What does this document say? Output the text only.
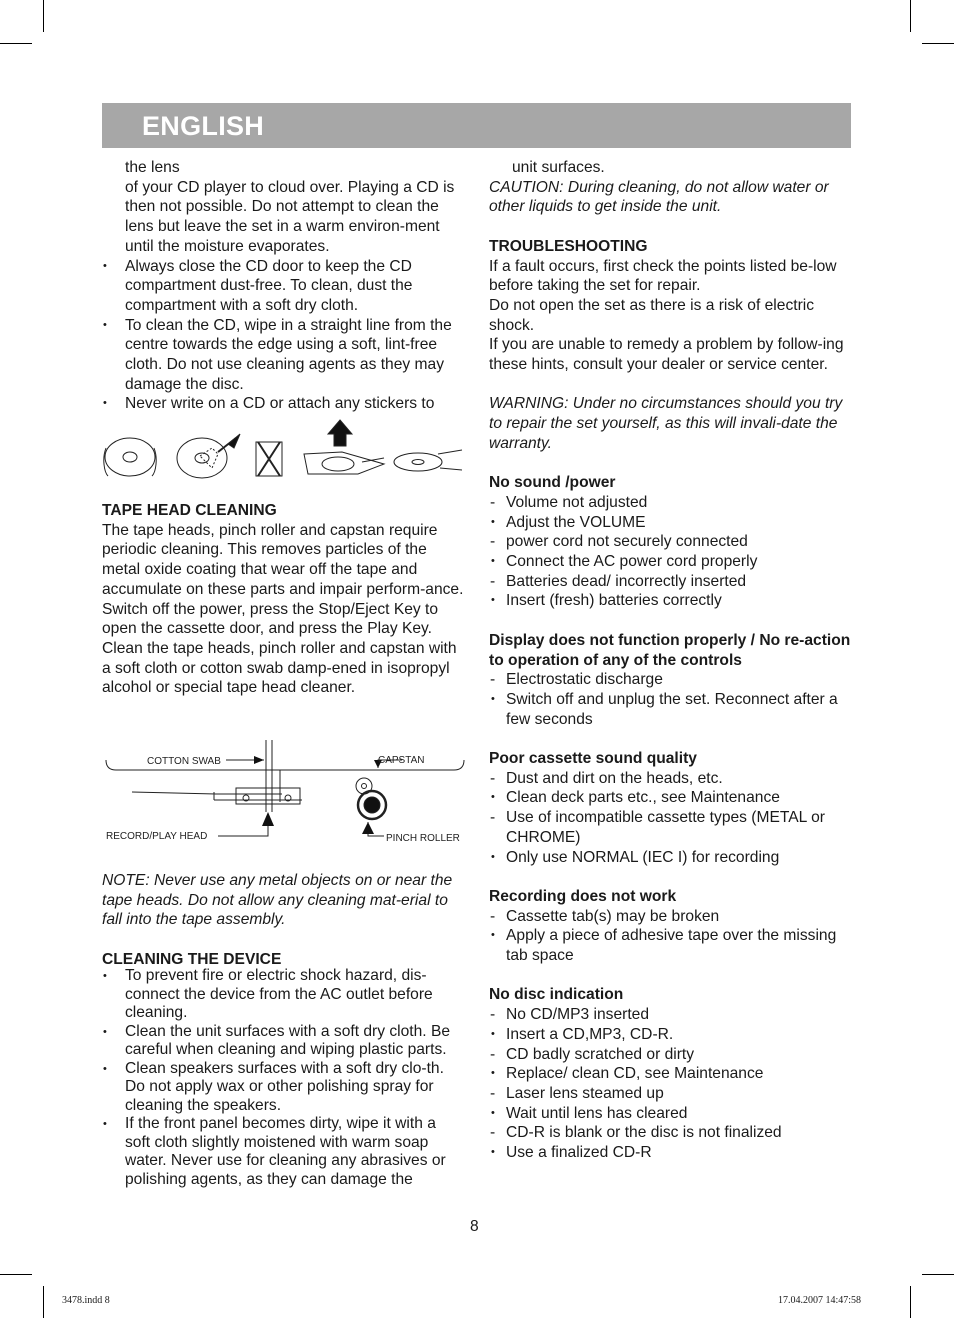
ENGLISH

the lens

of your CD player to cloud over. Playing a CD is then not possible. Do not attempt to clean the lens but leave the set in a warm environ-ment until the moisture evaporates.

•	Always close the CD door to keep the CD compartment dust-free. To clean, dust the compartment with a soft dry cloth.
•	To clean the CD, wipe in a straight line from the centre towards the edge using a soft, lint-free cloth. Do not use cleaning agents as they may damage the disc.
•	Never write on a CD or attach any stickers to

TAPE HEAD CLEANING

The tape heads, pinch roller and capstan require periodic cleaning. This removes particles of the metal oxide coating that wear off the tape and accumulate on these parts and impair perform-ance. Switch off the power, press the Stop/Eject Key to open the cassette door, and press the Play Key. Clean the tape heads, pinch roller and capstan with a soft cloth or cotton swab damp-ened in isopropyl alcohol or special tape head cleaner.

COTTON SWAB	CAPSTAN
RECORD/PLAY HEAD	PINCH ROLLER

NOTE: Never use any metal objects on or near the tape heads. Do not allow any cleaning mat-erial to fall into the tape assembly.

CLEANING THE DEVICE

•	To prevent fire or electric shock hazard, dis-connect the device from the AC outlet before cleaning.
•	Clean the unit surfaces with a soft dry cloth. Be careful when cleaning and wiping plastic parts.
•	Clean speakers surfaces with a soft dry clo-th. Do not apply wax or other polishing spray for cleaning the speakers.
•	If the front panel becomes dirty, wipe it with a soft cloth slightly moistened with warm soap water. Never use for cleaning any abrasives or polishing agents, as they can damage the

unit surfaces.

CAUTION: During cleaning, do not allow water or other liquids to get inside the unit.

TROUBLESHOOTING

If a fault occurs, first check the points listed be-low before taking the set for repair.

Do not open the set as there is a risk of electric shock.

If you are unable to remedy a problem by follow-ing these hints, consult your dealer or service center.

WARNING: Under no circumstances should you try to repair the set yourself, as this will invali-date the warranty.

No sound /power

- Volume not adjusted
• Adjust the VOLUME
- power cord not securely connected
• Connect the AC power cord properly
- Batteries dead/ incorrectly inserted
• Insert (fresh) batteries correctly

Display does not function properly / No re-action to operation of any of the controls

- Electrostatic discharge
• Switch off and unplug the set. Reconnect after a few seconds

Poor cassette sound quality

- Dust and dirt on the heads, etc.
• Clean deck parts etc., see Maintenance
- Use of incompatible cassette types (METAL or CHROME)
• Only use NORMAL (IEC I) for recording

Recording does not work

- Cassette tab(s) may be broken
• Apply a piece of adhesive tape over the missing tab space

No disc indication

- No CD/MP3 inserted
• Insert a CD,MP3, CD-R.
- CD badly scratched or dirty
• Replace/ clean CD, see Maintenance
- Laser lens steamed up
• Wait until lens has cleared
- CD-R is blank or the disc is not finalized
• Use a finalized CD-R
8
3478.indd 8	17.04.2007 14:47:58
